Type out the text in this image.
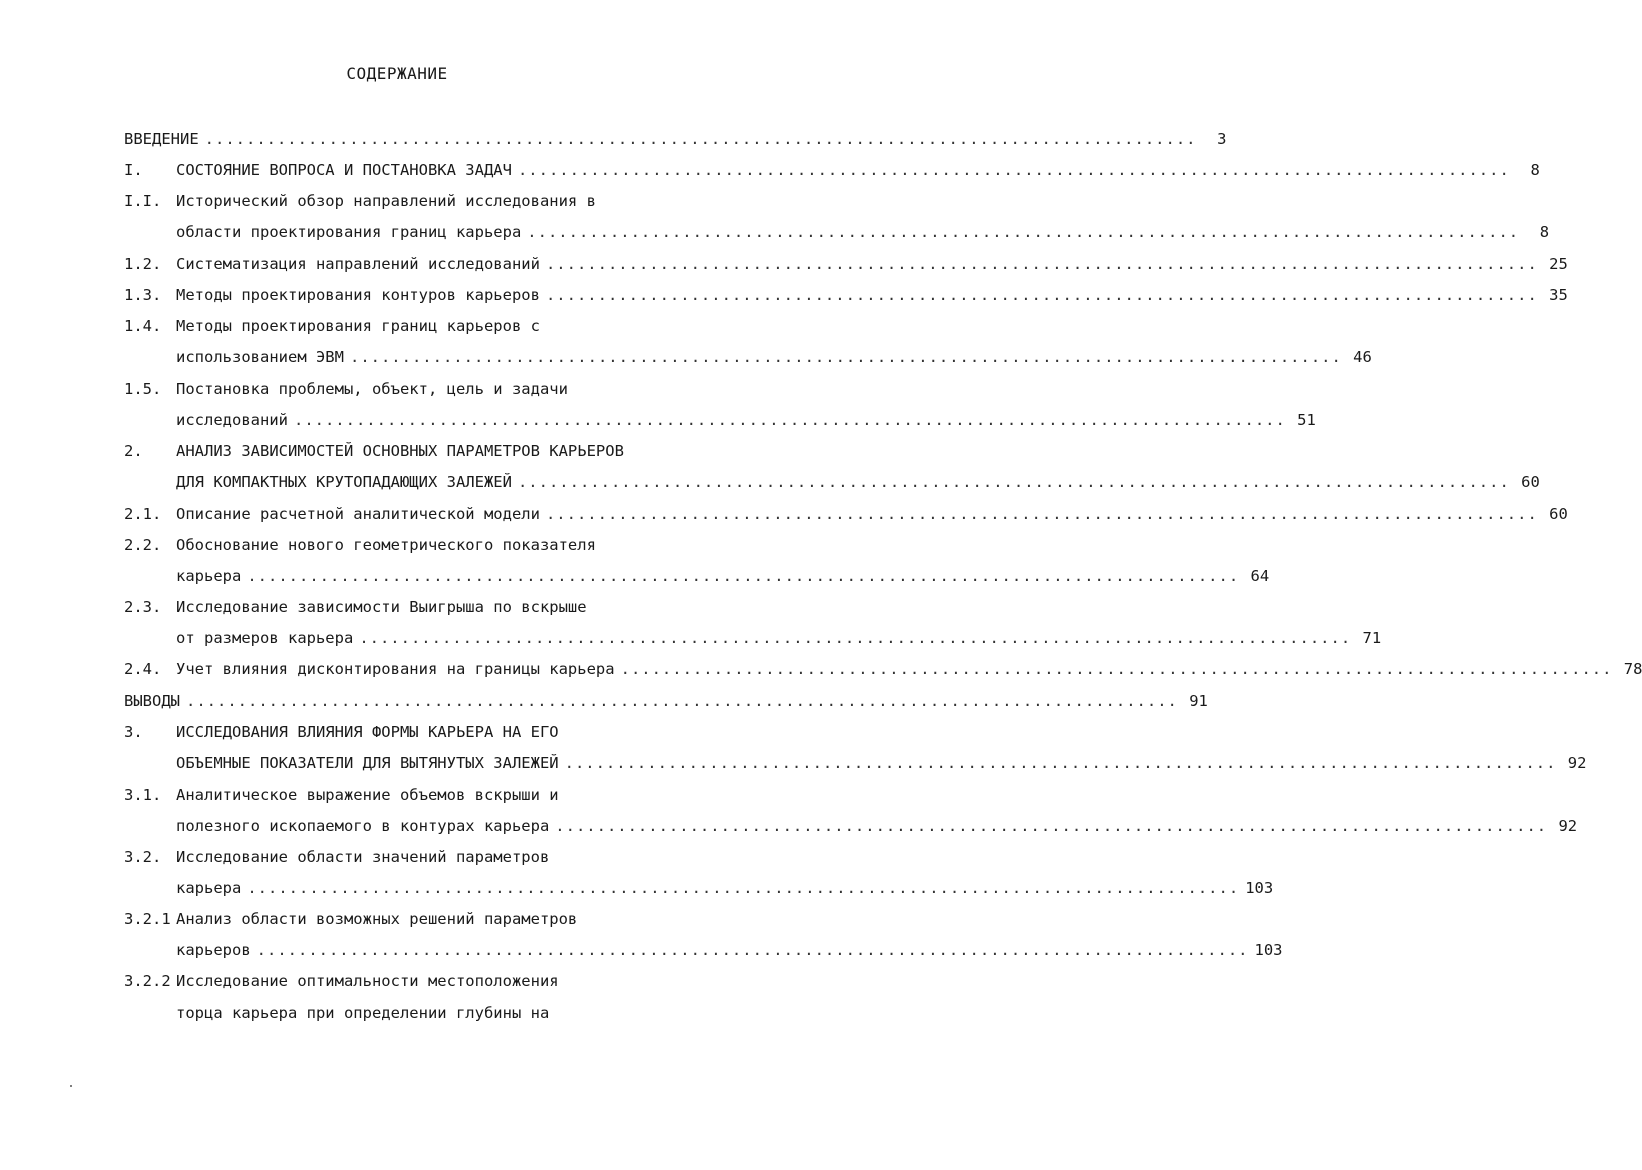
СОДЕРЖАНИЕ
ВВЕДЕНИЕ ................................................................................................	3
I.	СОСТОЯНИЕ ВОПРОСА И ПОСТАНОВКА ЗАДАЧ ................................................................................................	8
I.I. Исторический обзор направлений исследования в
области проектирования границ карьера ................................................................................................	8
1.2. Систематизация направлений исследований ................................................................................................ 25
1.3. Методы проектирования контуров карьеров ................................................................................................ 35
1.4. Методы проектирования границ карьеров с
использованием ЭВМ ................................................................................................ 46
1.5. Постановка проблемы, объект, цель и задачи
исследований ................................................................................................ 51
2.	АНАЛИЗ ЗАВИСИМОСТЕЙ ОСНОВНЫХ ПАРАМЕТРОВ КАРЬЕРОВ
ДЛЯ КОМПАКТНЫХ КРУТОПАДАЮЩИХ ЗАЛЕЖЕЙ ................................................................................................ 60
2.1. Описание расчетной аналитической модели ................................................................................................ 60
2.2. Обоснование нового геометрического показателя
карьера ................................................................................................ 64
2.3. Исследование зависимости Выигрыша по вскрыше
от размеров карьера ................................................................................................ 71
2.4. Учет влияния дисконтирования на границы карьера ................................................................................................ 78
ВЫВОДЫ ................................................................................................ 91
3.	ИССЛЕДОВАНИЯ ВЛИЯНИЯ ФОРМЫ КАРЬЕРА НА ЕГО
ОБЪЕМНЫЕ ПОКАЗАТЕЛИ ДЛЯ ВЫТЯНУТЫХ ЗАЛЕЖЕЙ ................................................................................................ 92
3.1. Аналитическое выражение объемов вскрыши и
полезного ископаемого в контурах карьера ................................................................................................ 92
3.2. Исследование области значений параметров
карьера ................................................................................................ 103
3.2.1 Анализ области возможных решений параметров
карьеров ................................................................................................ 103
3.2.2 Исследование оптимальности местоположения
торца карьера при определении глубины на
